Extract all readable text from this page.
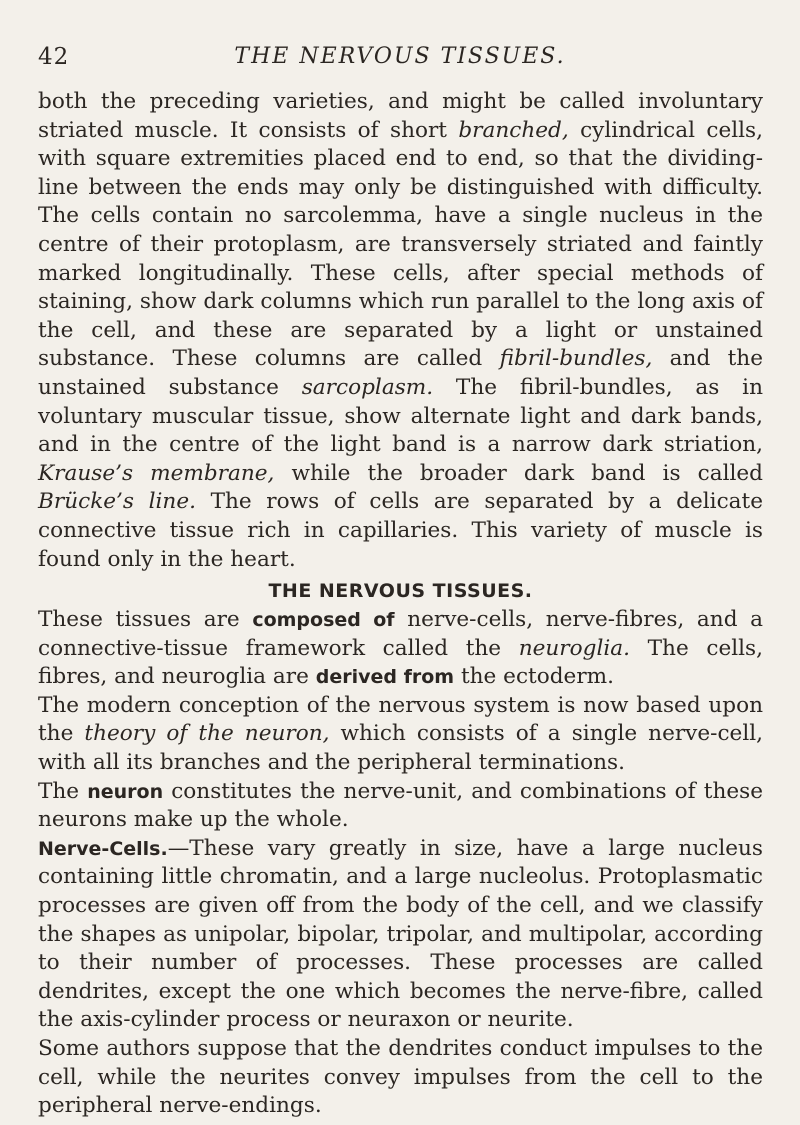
42	THE NERVOUS TISSUES.

both the preceding varieties, and might be called involuntary striated muscle. It consists of short branched, cylindrical cells, with square extremities placed end to end, so that the dividing-line between the ends may only be distinguished with difficulty. The cells contain no sarcolemma, have a single nucleus in the centre of their protoplasm, are transversely striated and faintly marked longitudinally. These cells, after special methods of staining, show dark columns which run parallel to the long axis of the cell, and these are separated by a light or unstained substance. These columns are called fibril-bundles, and the unstained substance sarcoplasm. The fibril-bundles, as in voluntary muscular tissue, show alternate light and dark bands, and in the centre of the light band is a narrow dark striation, Krause’s membrane, while the broader dark band is called Brücke’s line. The rows of cells are separated by a delicate connective tissue rich in capillaries. This variety of muscle is found only in the heart.

THE NERVOUS TISSUES.

These tissues are composed of nerve-cells, nerve-fibres, and a connective-tissue framework called the neuroglia. The cells, fibres, and neuroglia are derived from the ectoderm.

The modern conception of the nervous system is now based upon the theory of the neuron, which consists of a single nerve-cell, with all its branches and the peripheral terminations.

The neuron constitutes the nerve-unit, and combinations of these neurons make up the whole.

Nerve-Cells.—These vary greatly in size, have a large nucleus containing little chromatin, and a large nucleolus. Protoplasmatic processes are given off from the body of the cell, and we classify the shapes as unipolar, bipolar, tripolar, and multipolar, according to their number of processes. These processes are called dendrites, except the one which becomes the nerve-fibre, called the axis-cylinder process or neuraxon or neurite.

Some authors suppose that the dendrites conduct impulses to the cell, while the neurites convey impulses from the cell to the peripheral nerve-endings.
